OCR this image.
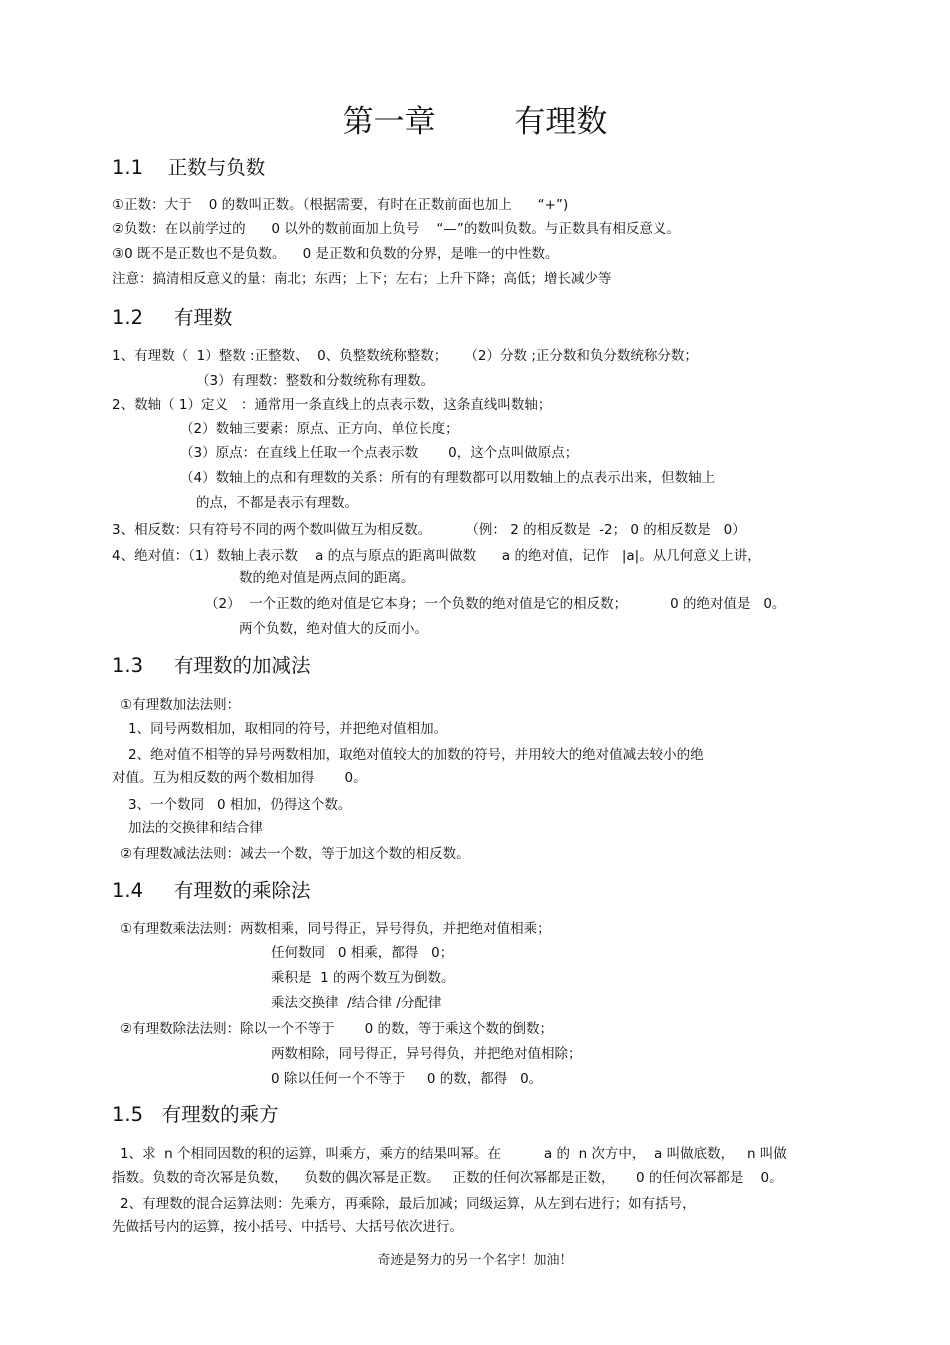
第一章        有理数
1.1    正数与负数
①正数：大于    0 的数叫正数。（根据需要，有时在正数前面也加上      “+”)
②负数：在以前学过的      0 以外的数前面加上负号    “—”的数叫负数。与正数具有相反意义。
③0 既不是正数也不是负数。    0 是正数和负数的分界，是唯一的中性数。
注意：搞清相反意义的量：南北；东西；上下；左右；上升下降；高低；增长减少等
1.2     有理数
1、有理数（  1）整数 :正整数、  0、负整数统称整数；    （2）分数 ;正分数和负分数统称分数；
（3）有理数：整数和分数统称有理数。
2、数轴（ 1）定义   ：通常用一条直线上的点表示数，这条直线叫数轴；
（2）数轴三要素：原点、正方向、单位长度；
（3）原点：在直线上任取一个点表示数       0，这个点叫做原点；
（4）数轴上的点和有理数的关系：所有的有理数都可以用数轴上的点表示出来，但数轴上
的点，不都是表示有理数。
3、相反数：只有符号不同的两个数叫做互为相反数。        （例： 2 的相反数是  -2； 0 的相反数是   0）
4、绝对值：（1）数轴上表示数    a 的点与原点的距离叫做数      a 的绝对值，记作   |a|。从几何意义上讲，
数的绝对值是两点间的距离。
（2）  一个正数的绝对值是它本身；一个负数的绝对值是它的相反数；          0 的绝对值是   0。
两个负数，绝对值大的反而小。
1.3     有理数的加减法
①有理数加法法则：
1、同号两数相加，取相同的符号，并把绝对值相加。
2、绝对值不相等的异号两数相加，取绝对值较大的加数的符号，并用较大的绝对值减去较小的绝
对值。互为相反数的两个数相加得       0。
3、一个数同   0 相加，仍得这个数。
加法的交换律和结合律
②有理数减法法则：减去一个数，等于加这个数的相反数。
1.4     有理数的乘除法
①有理数乘法法则：两数相乘，同号得正，异号得负，并把绝对值相乘；
任何数同   0 相乘，都得   0；
乘积是  1 的两个数互为倒数。
乘法交换律  /结合律 /分配律
②有理数除法法则：除以一个不等于       0 的数，等于乘这个数的倒数；
两数相除，同号得正，异号得负，并把绝对值相除；
0 除以任何一个不等于     0 的数，都得   0。
1.5   有理数的乘方
1、求  n 个相同因数的积的运算，叫乘方，乘方的结果叫幂。在          a 的  n 次方中，  a 叫做底数，   n 叫做
指数。负数的奇次幂是负数，    负数的偶次幂是正数。   正数的任何次幂都是正数，     0 的任何次幂都是    0。
2、有理数的混合运算法则：先乘方，再乘除，最后加减；同级运算，从左到右进行；如有括号，
先做括号内的运算，按小括号、中括号、大括号依次进行。
奇迹是努力的另一个名字！加油！
